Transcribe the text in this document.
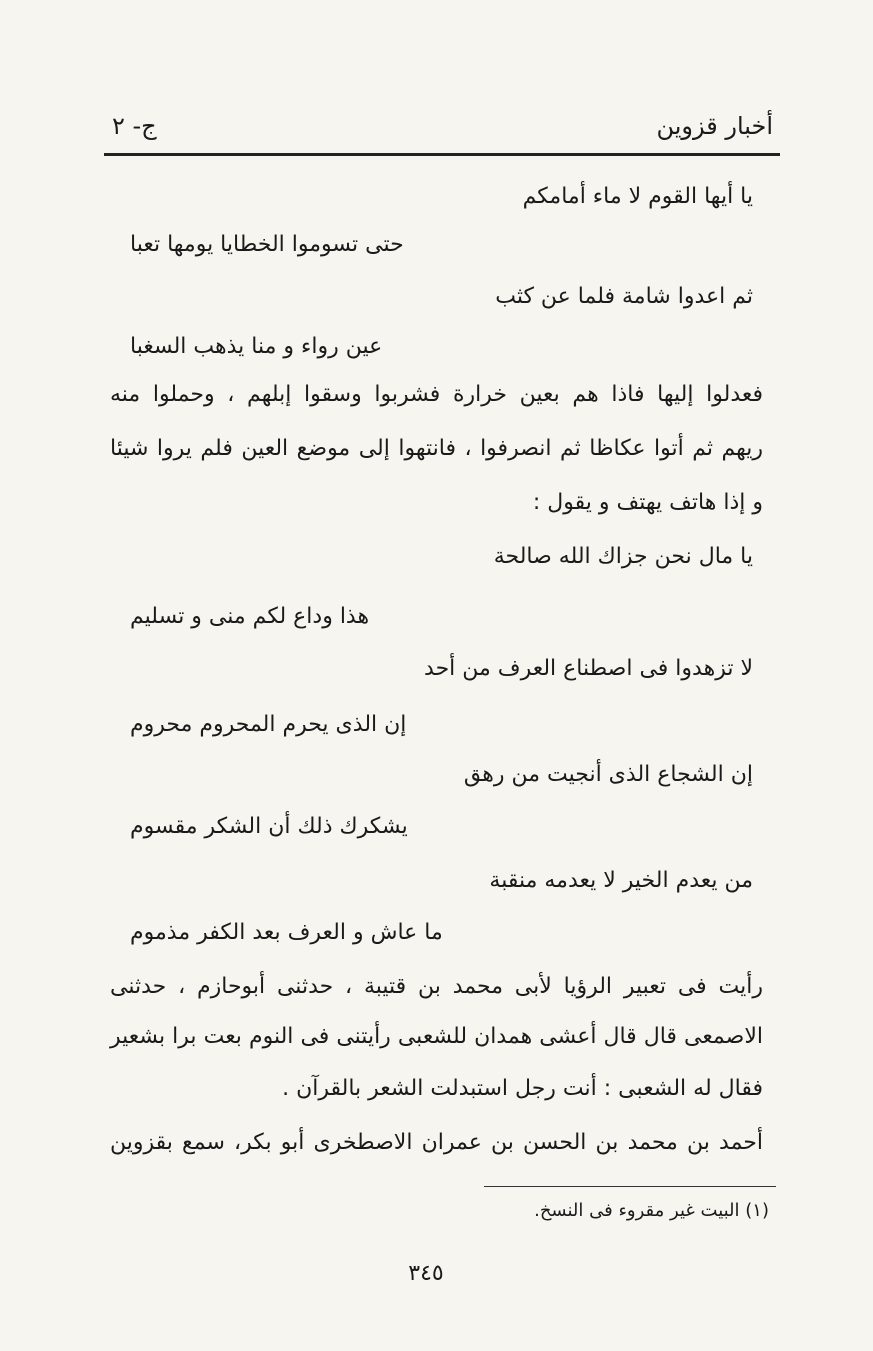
أخبار قزوين
ج- ٢
يا أيها القوم لا ماء أمامكم
حتى تسوموا الخطايا يومها تعبا
ثم اعدوا شامة فلما عن كثب
عين رواء و منا يذهب السغبا
فعدلوا إليها فاذا هم بعين خرارة فشربوا وسقوا إبلهم ، وحملوا منه
ريهم ثم أتوا عكاظا ثم انصرفوا ، فانتهوا إلى موضع العين فلم يروا شيئا
و إذا هاتف يهتف و يقول :
يا مال نحن جزاك الله صالحة
هذا وداع لكم منى و تسليم
لا تزهدوا فى اصطناع العرف من أحد
إن الذى يحرم المحروم محروم
إن الشجاع الذى أنجيت من رهق
يشكرك ذلك أن الشكر مقسوم
من يعدم الخير لا يعدمه منقبة
ما عاش و العرف بعد الكفر مذموم
رأيت فى تعبير الرؤيا لأبى محمد بن قتيبة ، حدثنى أبوحازم ، حدثنى
الاصمعى قال قال أعشى همدان للشعبى رأيتنى فى النوم بعت برا بشعير
فقال له الشعبى : أنت رجل استبدلت الشعر بالقرآن .
أحمد بن محمد بن الحسن بن عمران الاصطخرى أبو بكر، سمع بقزوين
(١) البيت غير مقروء فى النسخ.
٣٤٥
